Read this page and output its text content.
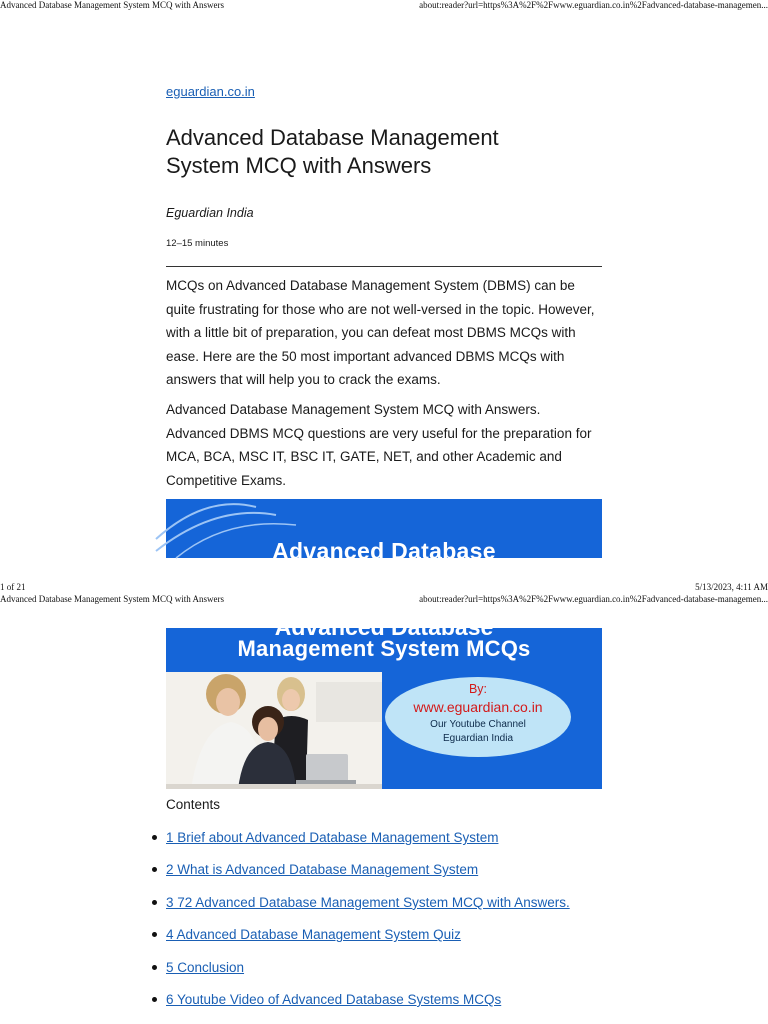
Advanced Database Management System MCQ with Answers	about:reader?url=https%3A%2F%2Fwww.eguardian.co.in%2Fadvanced-database-managemen...
eguardian.co.in
Advanced Database Management
System MCQ with Answers
Eguardian India
12–15 minutes

MCQs on Advanced Database Management System (DBMS) can be quite frustrating for those who are not well-versed in the topic. However, with a little bit of preparation, you can defeat most DBMS MCQs with ease. Here are the 50 most important advanced DBMS MCQs with answers that will help you to crack the exams.

Advanced Database Management System MCQ with Answers. Advanced DBMS MCQ questions are very useful for the preparation for MCA, BCA, MSC IT, BSC IT, GATE, NET, and other Academic and Competitive Exams.

Advanced Database
1 of 21	5/13/2023, 4:11 AM
Advanced Database Management System MCQ with Answers	about:reader?url=https%3A%2F%2Fwww.eguardian.co.in%2Fadvanced-database-managemen...
Advanced Database
Management System MCQs
By:
www.eguardian.co.in
Our Youtube Channel
Eguardian India
Contents
1 Brief about Advanced Database Management System
2 What is Advanced Database Management System
3 72 Advanced Database Management System MCQ with Answers.
4 Advanced Database Management System Quiz
5 Conclusion
6 Youtube Video of Advanced Database Systems MCQs
